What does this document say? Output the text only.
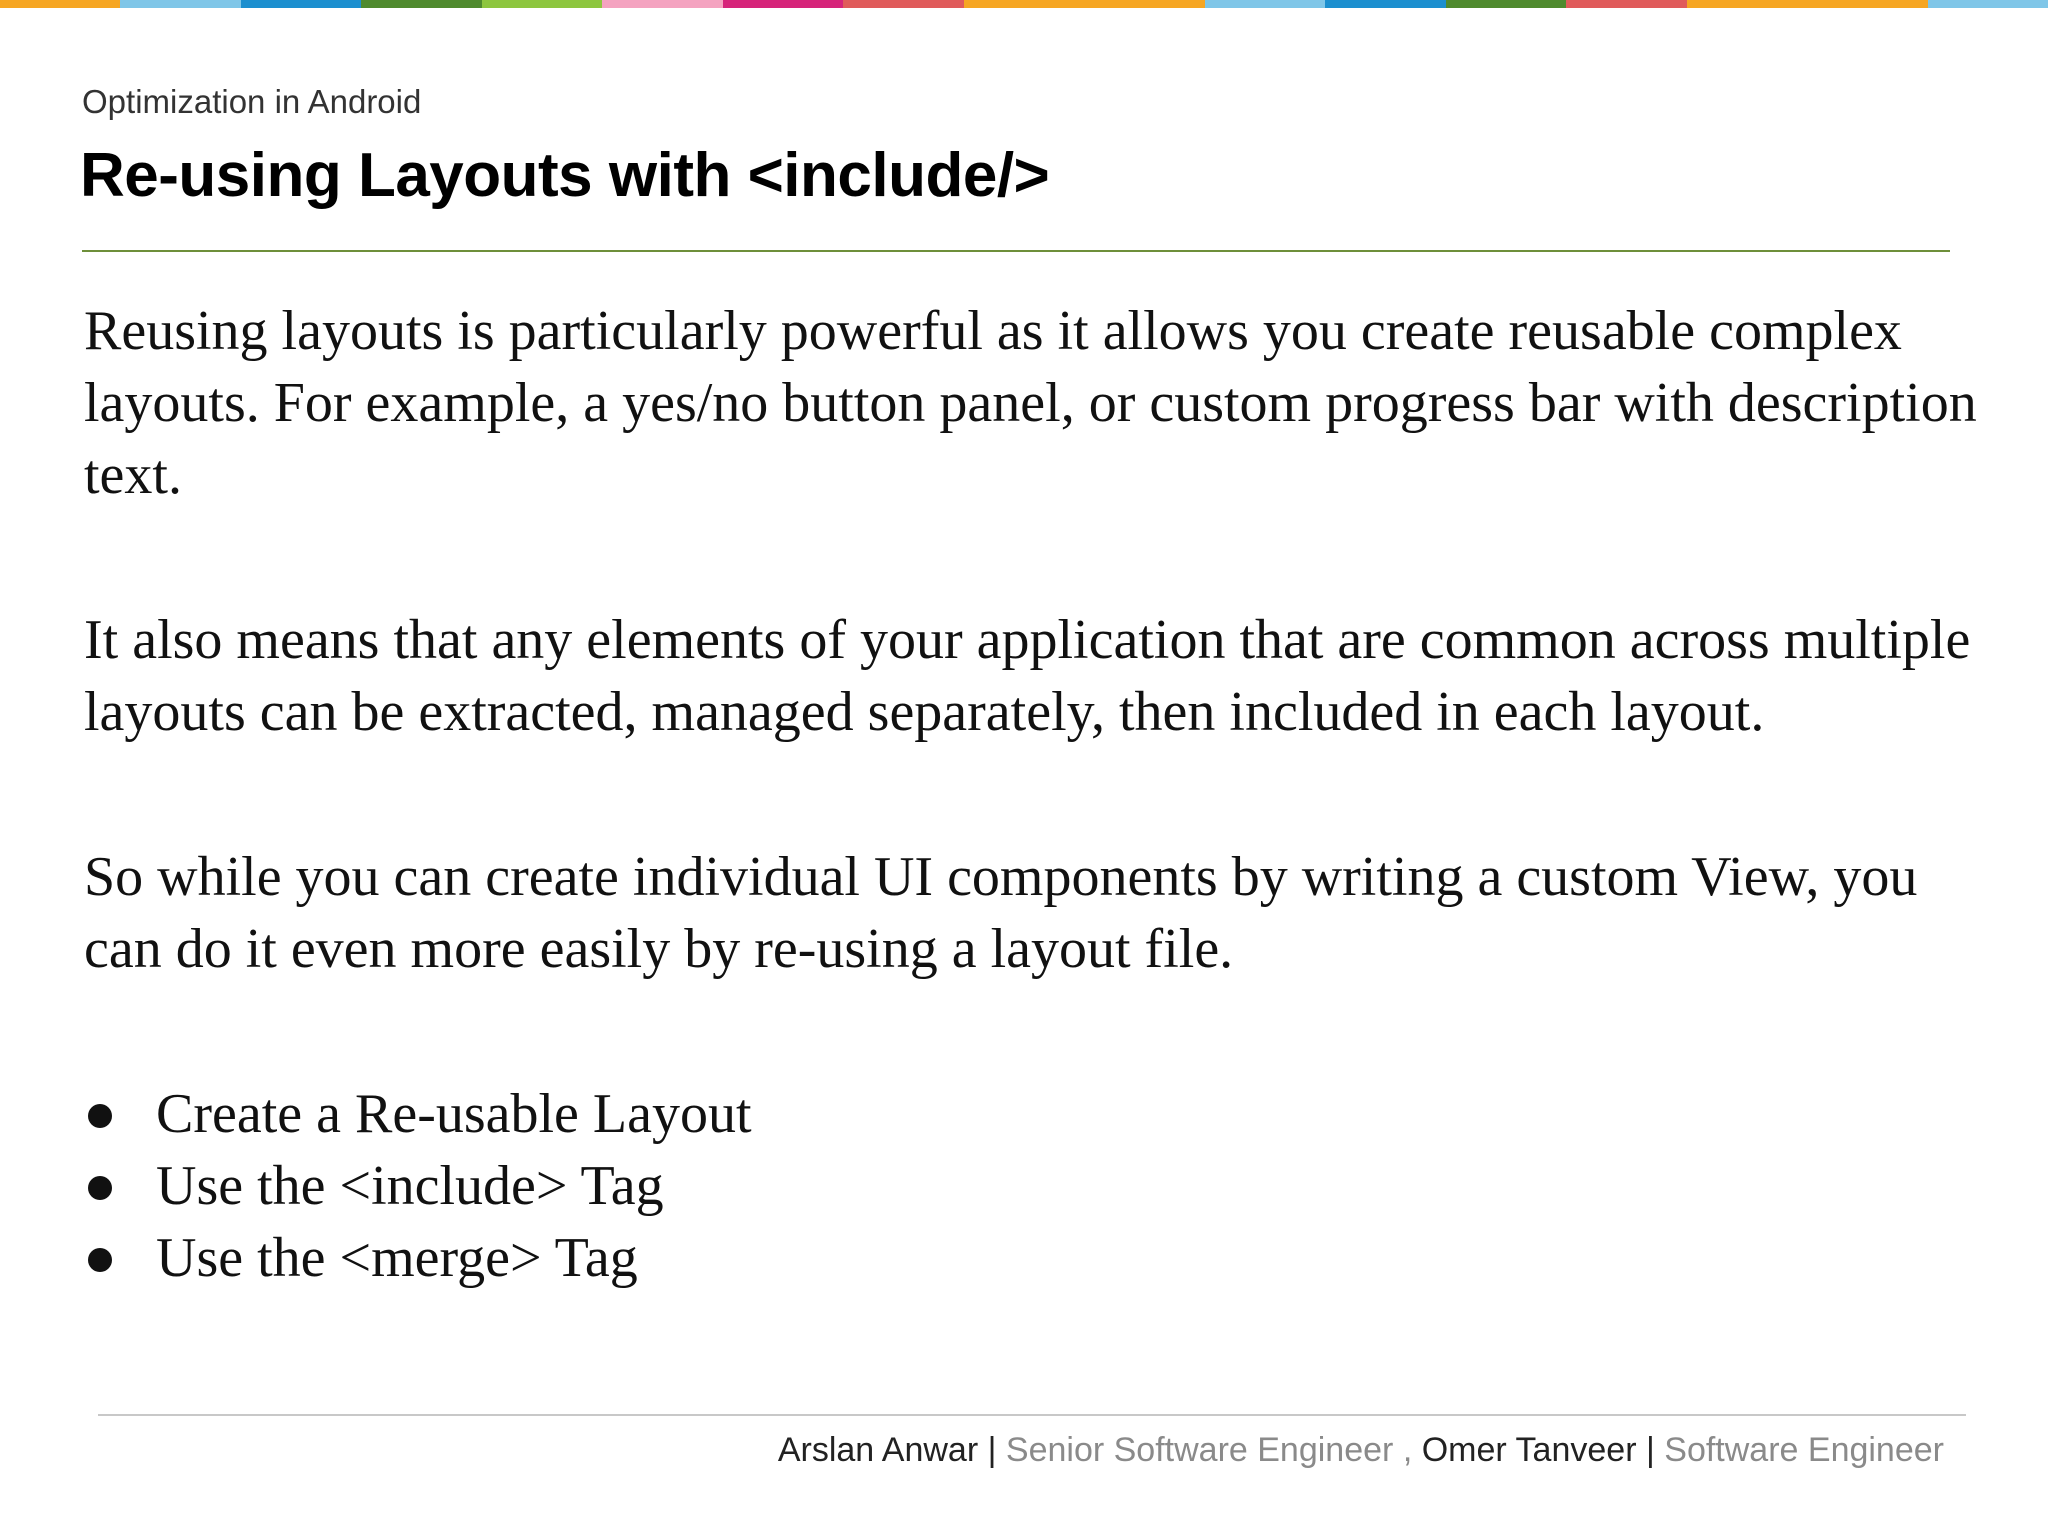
Optimization in Android
Re-using Layouts with <include/>

Reusing layouts is particularly powerful as it allows you create reusable complex layouts. For example, a yes/no button panel, or custom progress bar with description text.

It also means that any elements of your application that are common across multiple layouts can be extracted, managed separately, then included in each layout.

So while you can create individual UI components by writing a custom View, you can do it even more easily by re-using a layout file.

Create a Re-usable Layout
Use the <include> Tag
Use the <merge> Tag
Arslan Anwar | Senior Software Engineer , Omer Tanveer | Software Engineer
